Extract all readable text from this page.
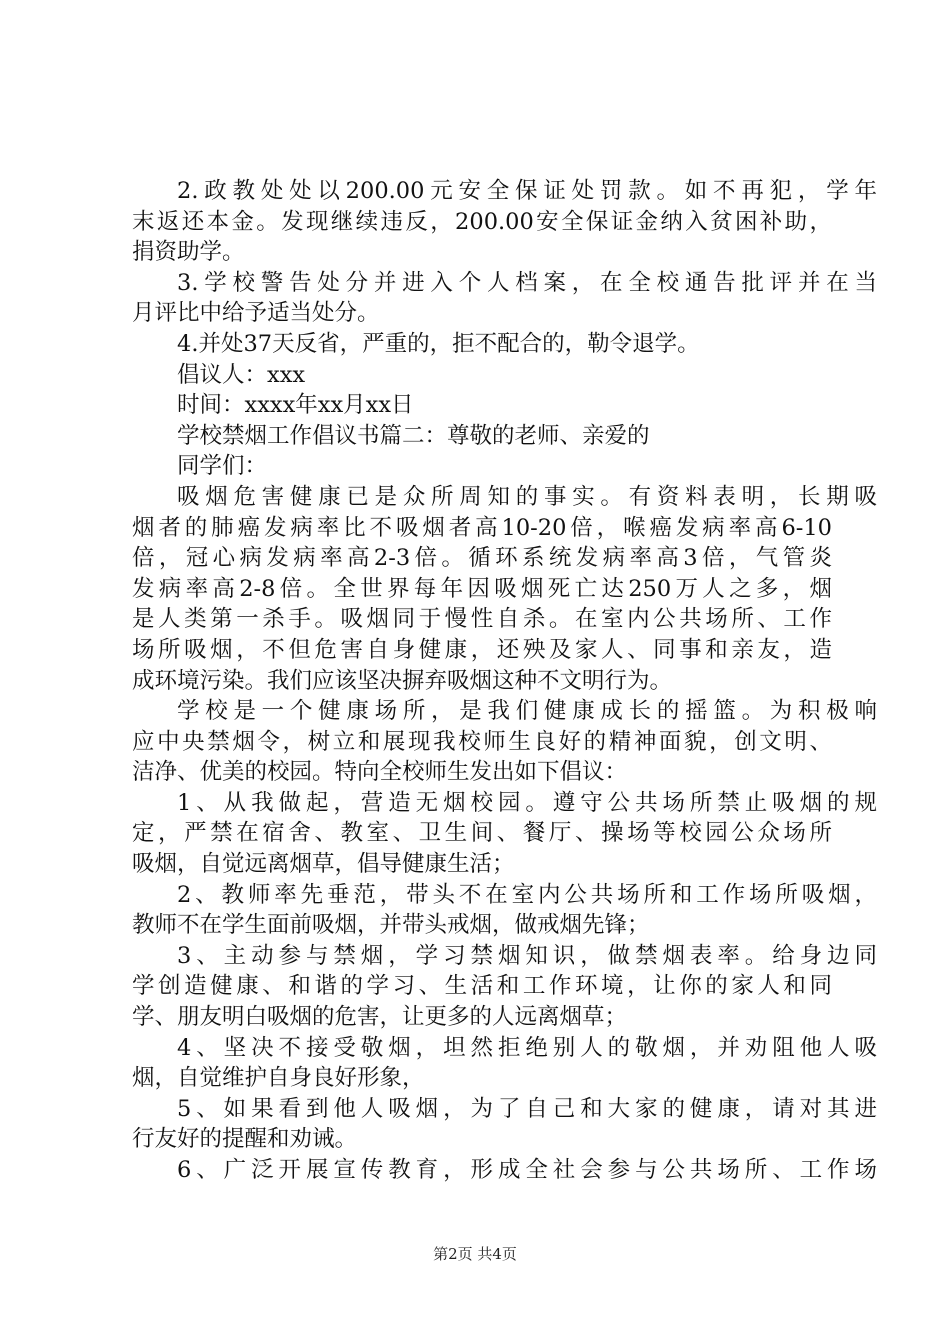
2.政教处处以200.00元安全保证处罚款。如不再犯，学年
末返还本金。发现继续违反，200.00安全保证金纳入贫困补助，
捐资助学。
3.学校警告处分并进入个人档案，在全校通告批评并在当
月评比中给予适当处分。
4.并处37天反省，严重的，拒不配合的，勒令退学。
倡议人：xxx
时间：xxxx年xx月xx日
学校禁烟工作倡议书篇二：尊敬的老师、亲爱的
同学们：
吸烟危害健康已是众所周知的事实。有资料表明，长期吸
烟者的肺癌发病率比不吸烟者高10-20倍，喉癌发病率高6-10
倍，冠心病发病率高2-3倍。循环系统发病率高3倍，气管炎
发病率高2-8倍。全世界每年因吸烟死亡达250万人之多，烟
是人类第一杀手。吸烟同于慢性自杀。在室内公共场所、工作
场所吸烟，不但危害自身健康，还殃及家人、同事和亲友，造
成环境污染。我们应该坚决摒弃吸烟这种不文明行为。
学校是一个健康场所，是我们健康成长的摇篮。为积极响
应中央禁烟令，树立和展现我校师生良好的精神面貌，创文明、
洁净、优美的校园。特向全校师生发出如下倡议：
1、从我做起，营造无烟校园。遵守公共场所禁止吸烟的规
定，严禁在宿舍、教室、卫生间、餐厅、操场等校园公众场所
吸烟，自觉远离烟草，倡导健康生活；
2、教师率先垂范，带头不在室内公共场所和工作场所吸烟，
教师不在学生面前吸烟，并带头戒烟，做戒烟先锋；
3、主动参与禁烟，学习禁烟知识，做禁烟表率。给身边同
学创造健康、和谐的学习、生活和工作环境，让你的家人和同
学、朋友明白吸烟的危害，让更多的人远离烟草；
4、坚决不接受敬烟，坦然拒绝别人的敬烟，并劝阻他人吸
烟，自觉维护自身良好形象，
5、如果看到他人吸烟，为了自己和大家的健康，请对其进
行友好的提醒和劝诫。
6、广泛开展宣传教育，形成全社会参与公共场所、工作场
第2页 共4页
